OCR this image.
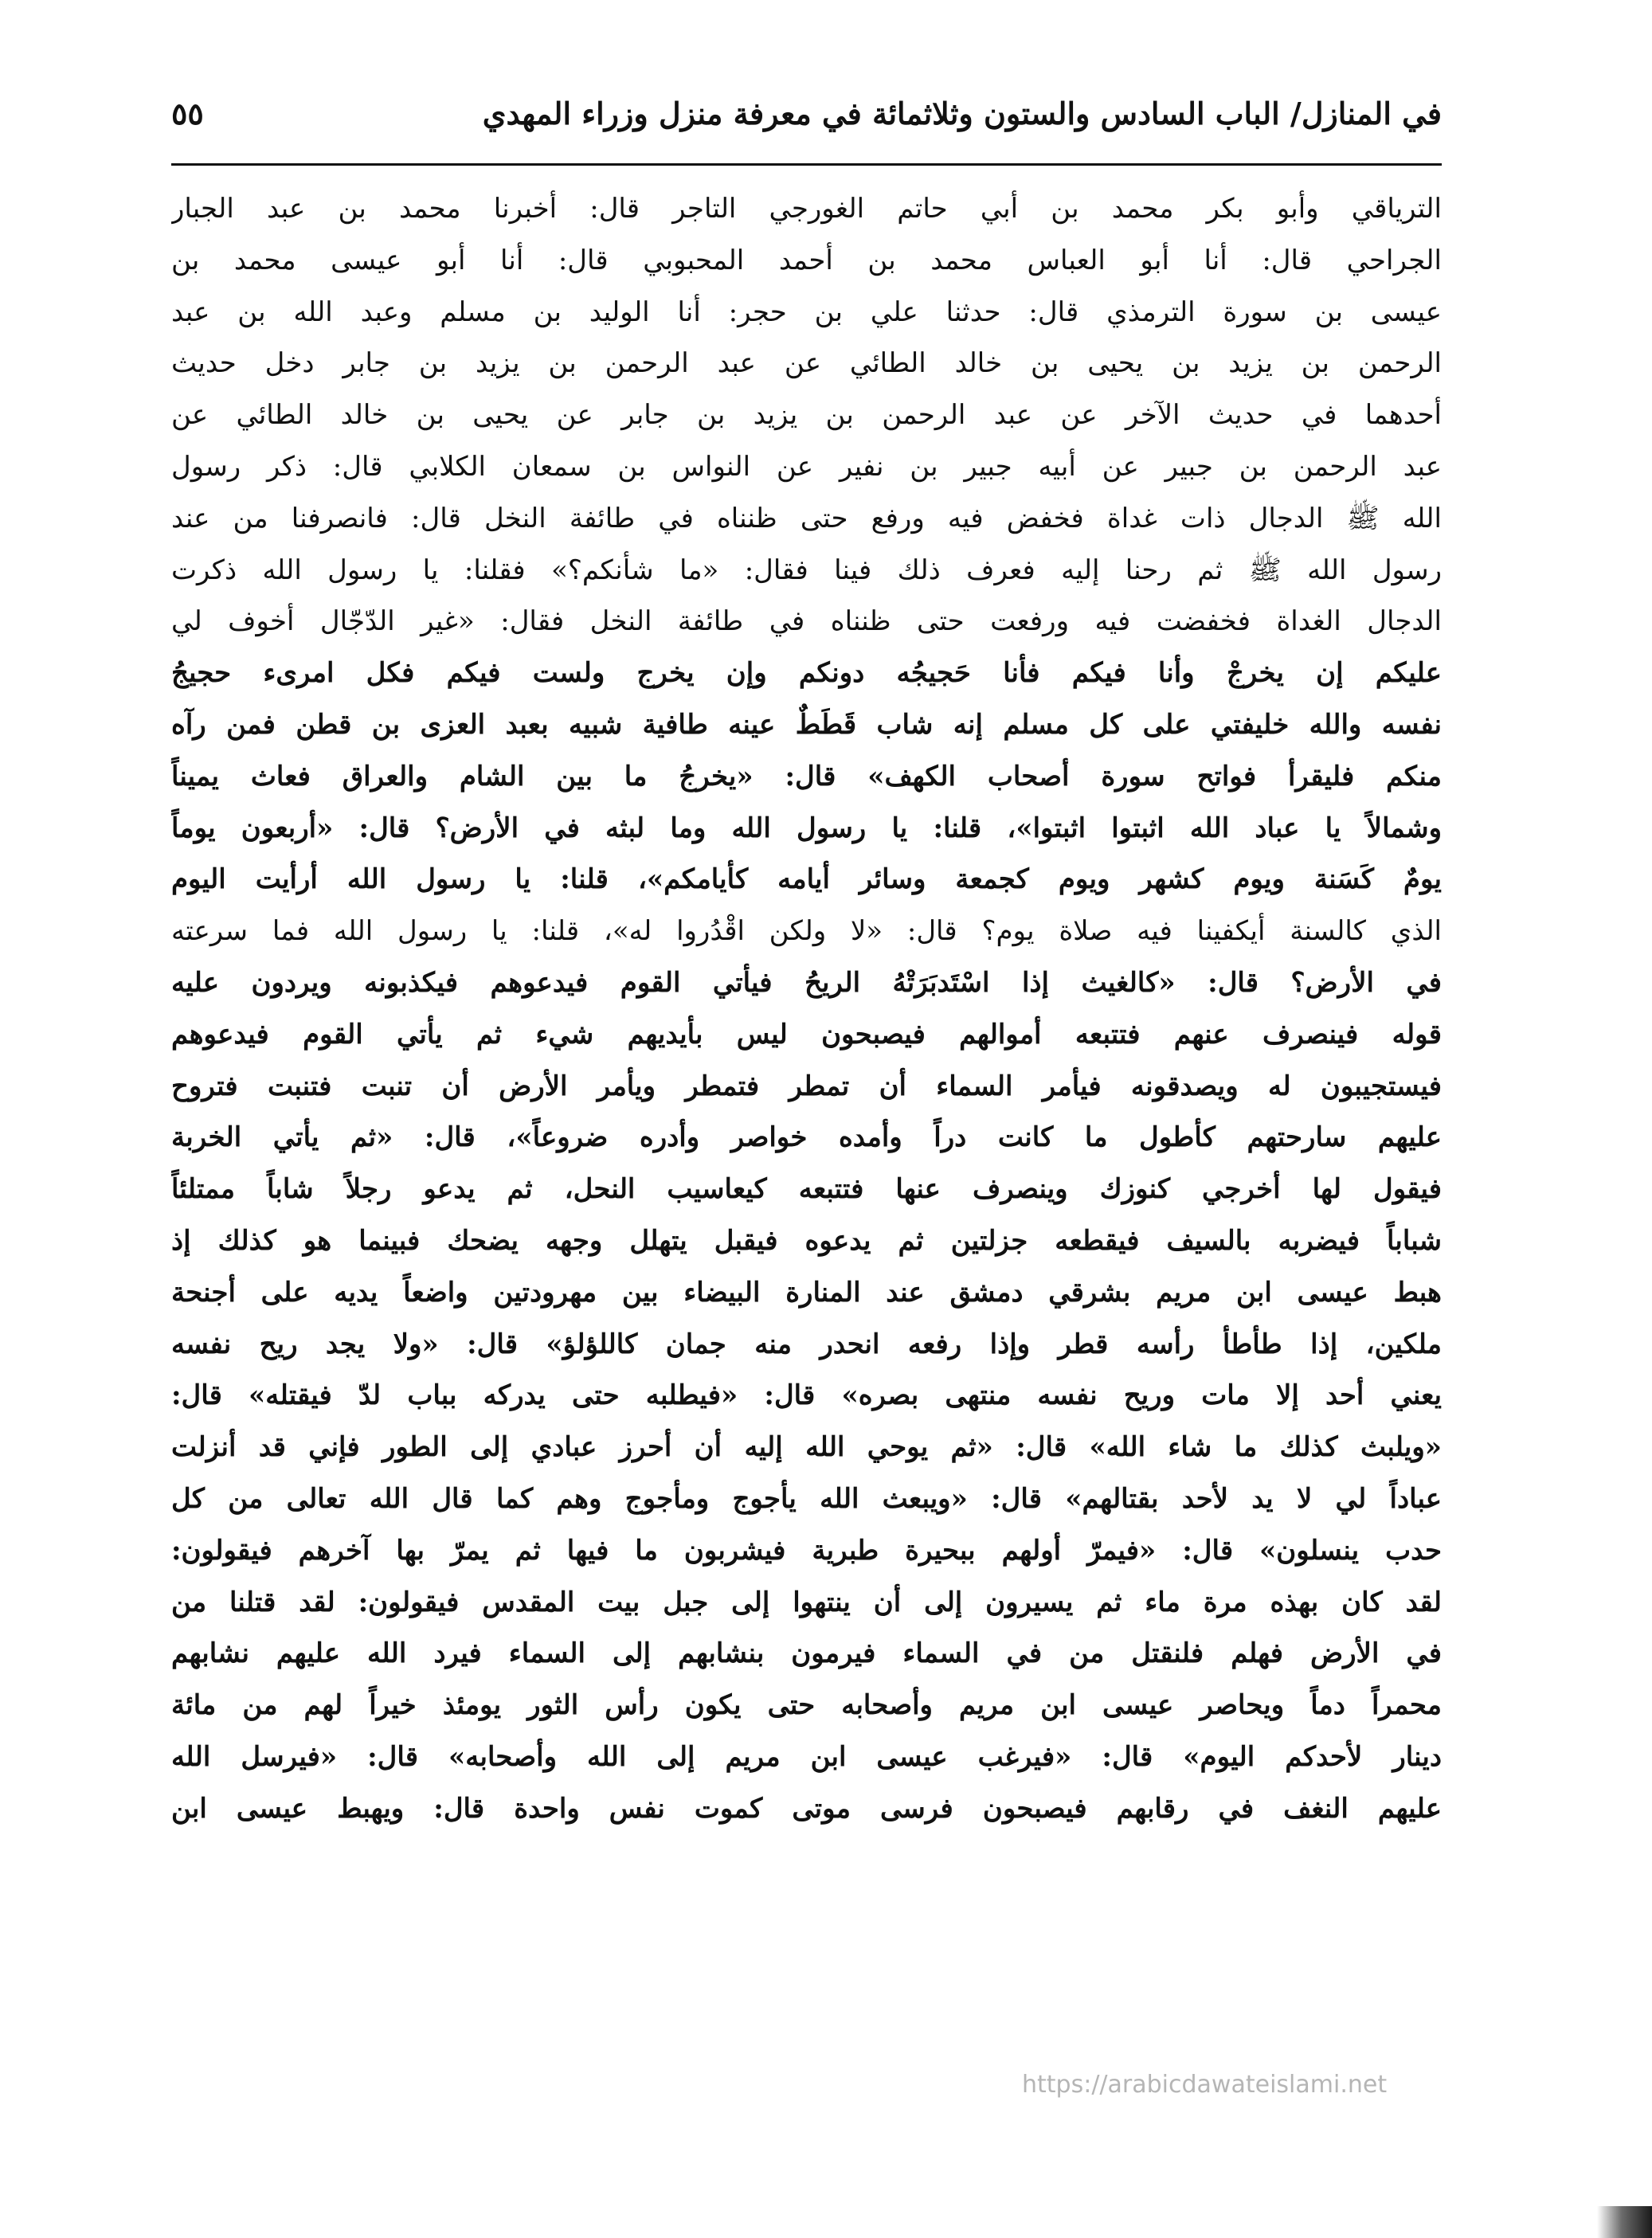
في المنازل/ الباب السادس والستون وثلاثمائة في معرفة منزل وزراء المهدي
٥٥
التریاقي وأبو بکر محمد بن أبي حاتم الغورجي التاجر قال: أخبرنا محمد بن عبد الجبار
الجراحي قال: أنا أبو العباس محمد بن أحمد المحبوبي قال: أنا أبو عیسی محمد بن
عیسی بن سورة الترمذي قال: حدثنا علي بن حجر: أنا الولید بن مسلم وعبد الله بن عبد
الرحمن بن یزید بن یحیی بن خالد الطائي عن عبد الرحمن بن یزید بن جابر دخل حدیث
أحدهما في حدیث الآخر عن عبد الرحمن بن یزید بن جابر عن یحیی بن خالد الطائي عن
عبد الرحمن بن جبیر عن أبیه جبیر بن نفیر عن النواس بن سمعان الکلابي قال: ذکر رسول
الله ﷺ الدجال ذات غداة فخفض فیه ورفع حتی ظنناه في طائفة النخل قال: فانصرفنا من عند
رسول الله ﷺ ثم رحنا إلیه فعرف ذلك فینا فقال: «ما شأنکم؟» فقلنا: یا رسول الله ذکرت
الدجال الغداة فخفضت فیه ورفعت حتی ظنناه في طائفة النخل فقال: «غیر الدّجّال أخوف لي
علیکم إن یخرجْ وأنا فیکم فأنا حَجیجُه دونکم وإن یخرج ولست فیکم فکل امرىء حجیجُ
نفسه والله خلیفتي علی کل مسلم إنه شاب قَطَطٌ عینه طافیة شبیه بعبد العزی بن قطن فمن رآه
منکم فلیقرأ فواتح سورة أصحاب الکهف» قال: «یخرجُ ما بین الشام والعراق فعاث یمیناً
وشمالاً یا عباد الله اثبتوا اثبتوا»، قلنا: یا رسول الله وما لبثه في الأرض؟ قال: «أربعون یوماً
یومٌ کَسَنة ویوم کشهر ویوم کجمعة وسائر أیامه کأیامکم»، قلنا: یا رسول الله أرأیت الیوم
الذي کالسنة أیکفینا فیه صلاة یوم؟ قال: «لا ولکن اقْدُروا له»، قلنا: یا رسول الله فما سرعته
في الأرض؟ قال: «کالغیث إذا اسْتَدبَرَتْهُ الریحُ فیأتي القوم فیدعوهم فیکذبونه ویردون علیه
قوله فینصرف عنهم فتتبعه أموالهم فیصبحون لیس بأیدیهم شيء ثم یأتي القوم فیدعوهم
فیستجیبون له ویصدقونه فیأمر السماء أن تمطر فتمطر ویأمر الأرض أن تنبت فتنبت فتروح
علیهم سارحتهم کأطول ما کانت دراً وأمده خواصر وأدره ضروعاً»، قال: «ثم یأتي الخربة
فیقول لها أخرجي کنوزك وینصرف عنها فتتبعه کیعاسیب النحل، ثم یدعو رجلاً شاباً ممتلئاً
شباباً فیضربه بالسیف فیقطعه جزلتین ثم یدعوه فیقبل یتهلل وجهه یضحك فبینما هو کذلك إذ
هبط عیسی ابن مریم بشرقي دمشق عند المنارة البیضاء بین مهرودتین واضعاً یدیه علی أجنحة
ملکین، إذا طأطأ رأسه قطر وإذا رفعه انحدر منه جمان کاللؤلؤ» قال: «ولا یجد ریح نفسه
یعني أحد إلا مات وریح نفسه منتهی بصره» قال: «فیطلبه حتی یدرکه بباب لدّ فیقتله» قال:
«ویلبث کذلك ما شاء الله» قال: «ثم یوحي الله إلیه أن أحرز عبادي إلی الطور فإني قد أنزلت
عباداً لي لا ید لأحد بقتالهم» قال: «ویبعث الله یأجوج ومأجوج وهم کما قال الله تعالی من کل
حدب ینسلون» قال: «فیمرّ أولهم ببحیرة طبریة فیشربون ما فیها ثم یمرّ بها آخرهم فیقولون:
لقد کان بهذه مرة ماء ثم یسیرون إلی أن ینتهوا إلی جبل بیت المقدس فیقولون: لقد قتلنا من
في الأرض فهلم فلنقتل من في السماء فیرمون بنشابهم إلی السماء فیرد الله علیهم نشابهم
محمراً دماً ویحاصر عیسی ابن مریم وأصحابه حتی یکون رأس الثور یومئذ خیراً لهم من مائة
دینار لأحدکم الیوم» قال: «فیرغب عیسی ابن مریم إلی الله وأصحابه» قال: «فیرسل الله
علیهم النغف في رقابهم فیصبحون فرسی موتی کموت نفس واحدة قال: ویهبط عیسی ابن
https://arabicdawateislami.net
